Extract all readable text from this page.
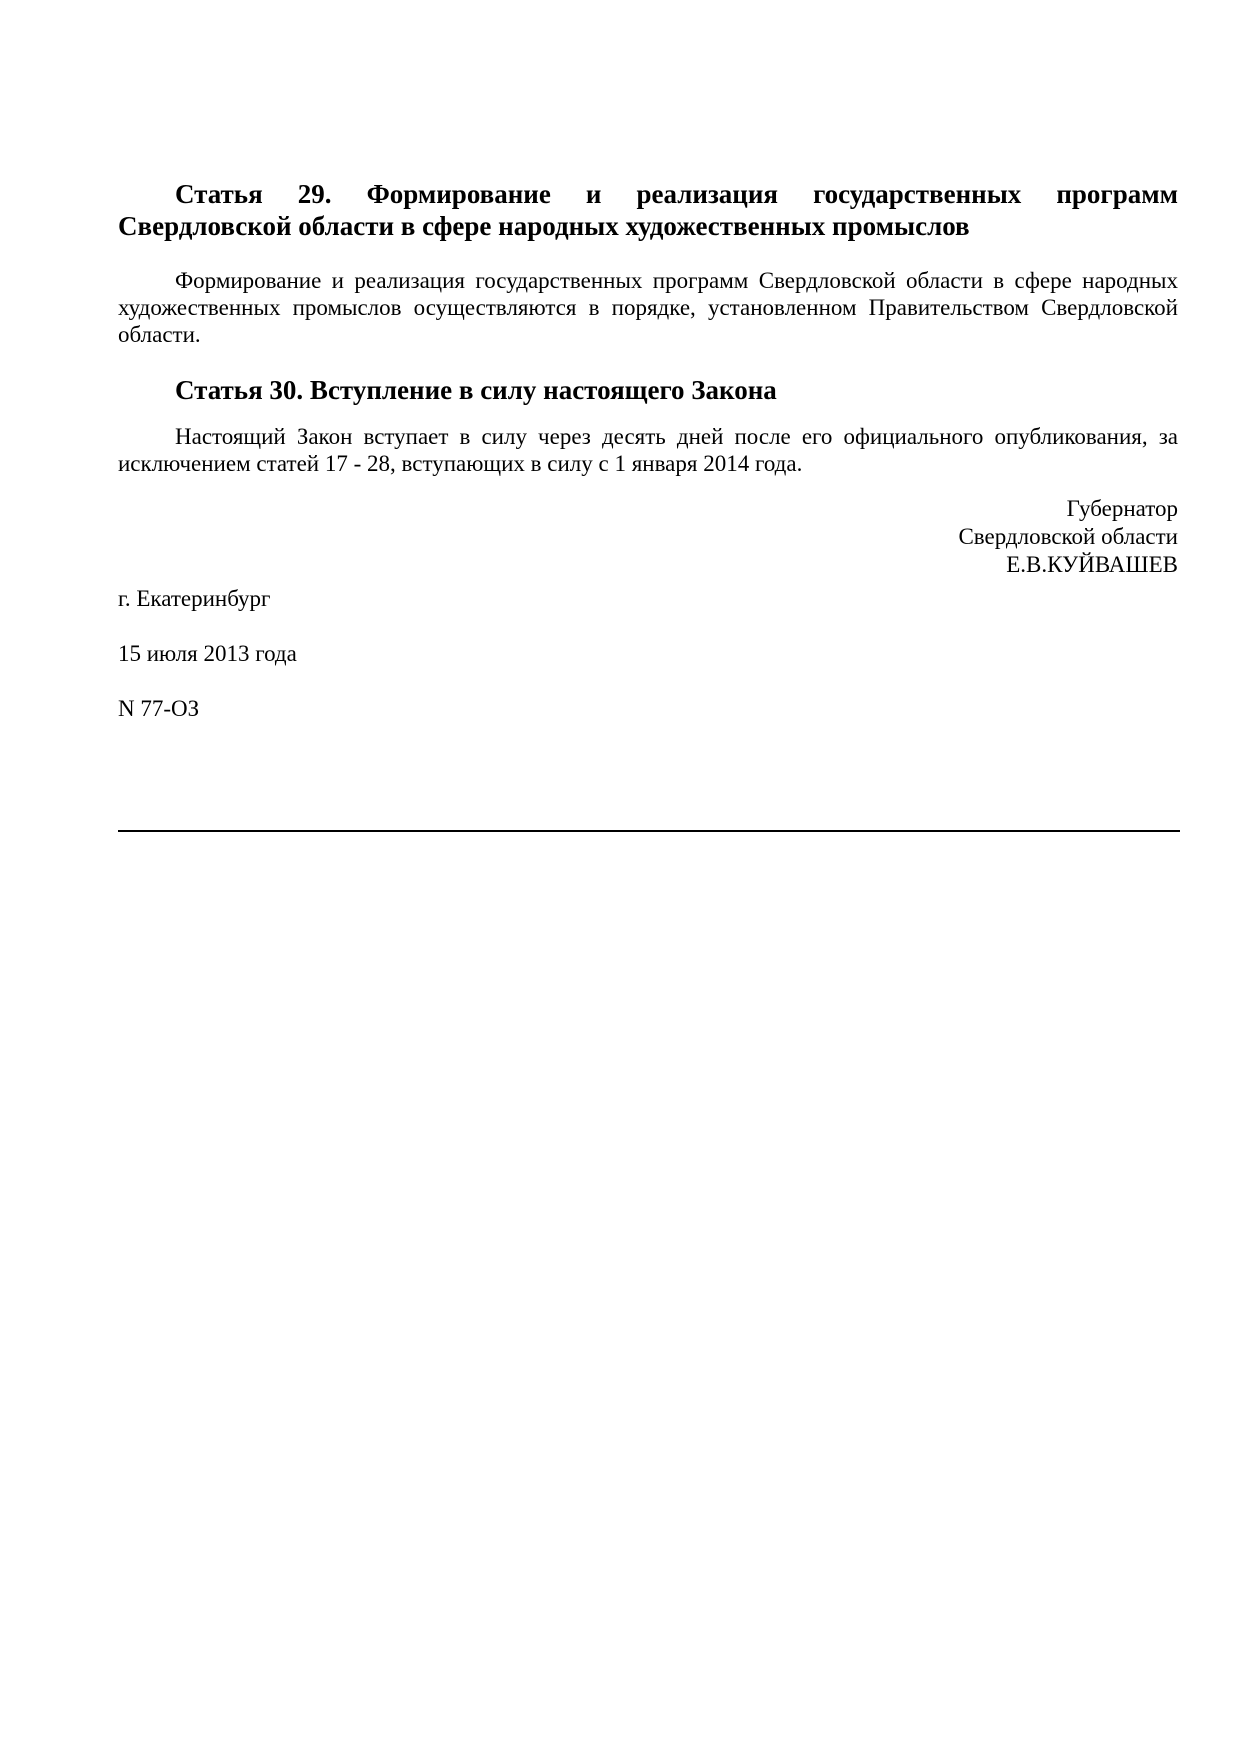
Статья 29. Формирование и реализация государственных программ
Свердловской области в сфере народных художественных промыслов

Формирование и реализация государственных программ Свердловской области в сфере народных художественных промыслов осуществляются в порядке, установленном Правительством Свердловской области.

Статья 30. Вступление в силу настоящего Закона

Настоящий Закон вступает в силу через десять дней после его официального опубликования, за исключением статей 17 - 28, вступающих в силу с 1 января 2014 года.

Губернатор
Свердловской области
Е.В.КУЙВАШЕВ

г. Екатеринбург

15 июля 2013 года

N 77-ОЗ
